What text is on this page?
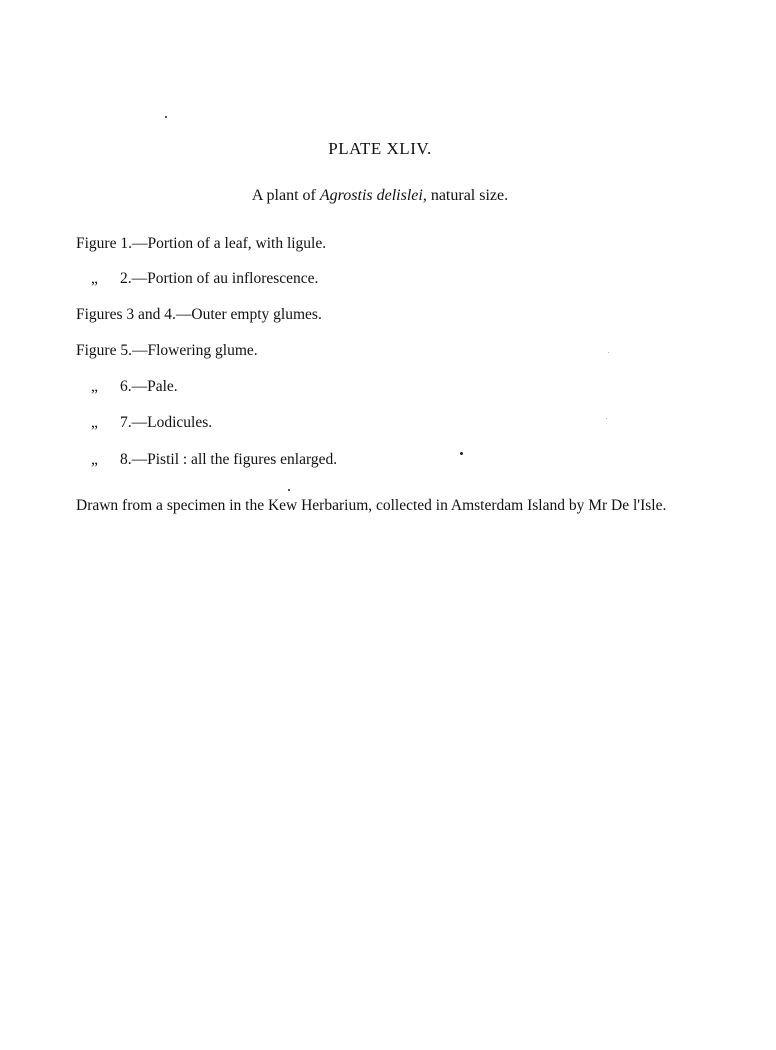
PLATE XLIV.
A plant of Agrostis delislei, natural size.
Figure 1.—Portion of a leaf, with ligule.
„ 2.—Portion of au inflorescence.
Figures 3 and 4.—Outer empty glumes.
Figure 5.—Flowering glume.
„ 6.—Pale.
„ 7.—Lodicules.
„ 8.—Pistil : all the figures enlarged.
Drawn from a specimen in the Kew Herbarium, collected in Amsterdam Island by Mr De l'Isle.
